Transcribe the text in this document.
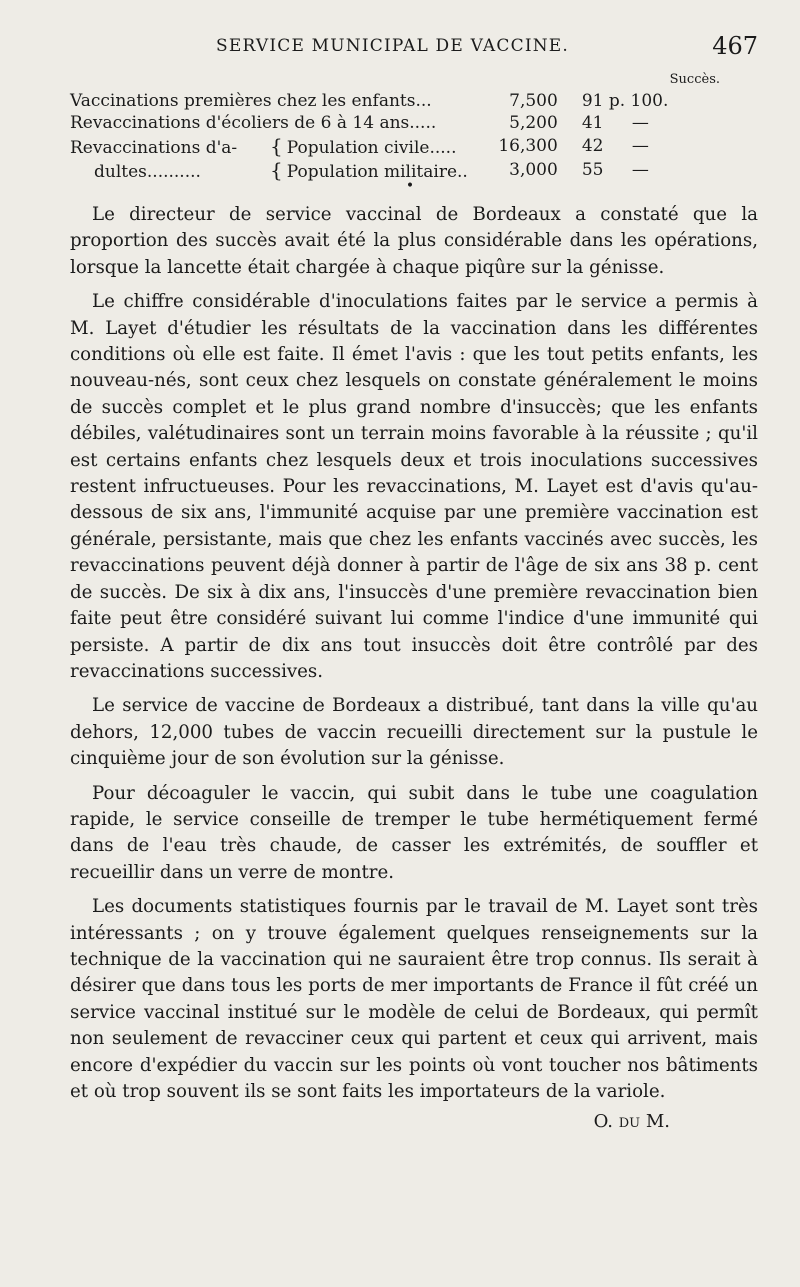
SERVICE MUNICIPAL DE VACCINE.	467
		Succès.	
Vaccinations premières chez les enfants...	7,500	91 p. 100.	
Revaccinations d'écoliers de 6 à 14 ans.....	5,200	41	—
Revaccinations d'a- { Population civile.....	16,300	42	—
dultes.......... { Population militaire..	3,000	55	—
•

Le directeur de service vaccinal de Bordeaux a constaté que la proportion des succès avait été la plus considérable dans les opérations, lorsque la lancette était chargée à chaque piqûre sur la génisse.

Le chiffre considérable d'inoculations faites par le service a permis à M. Layet d'étudier les résultats de la vaccination dans les différentes conditions où elle est faite. Il émet l'avis : que les tout petits enfants, les nouveau-nés, sont ceux chez lesquels on constate généralement le moins de succès complet et le plus grand nombre d'insuccès; que les enfants débiles, valétudinaires sont un terrain moins favorable à la réussite ; qu'il est certains enfants chez lesquels deux et trois inoculations successives restent infructueuses. Pour les revaccinations, M. Layet est d'avis qu'au-dessous de six ans, l'immunité acquise par une première vaccination est générale, persistante, mais que chez les enfants vaccinés avec succès, les revaccinations peuvent déjà donner à partir de l'âge de six ans 38 p. cent de succès. De six à dix ans, l'insuccès d'une première revaccination bien faite peut être considéré suivant lui comme l'indice d'une immunité qui persiste. A partir de dix ans tout insuccès doit être contrôlé par des revaccinations successives.

Le service de vaccine de Bordeaux a distribué, tant dans la ville qu'au dehors, 12,000 tubes de vaccin recueilli directement sur la pustule le cinquième jour de son évolution sur la génisse.

Pour décoaguler le vaccin, qui subit dans le tube une coagulation rapide, le service conseille de tremper le tube hermétiquement fermé dans de l'eau très chaude, de casser les extrémités, de souffler et recueillir dans un verre de montre.

Les documents statistiques fournis par le travail de M. Layet sont très intéressants ; on y trouve également quelques renseignements sur la technique de la vaccination qui ne sauraient être trop connus. Ils serait à désirer que dans tous les ports de mer importants de France il fût créé un service vaccinal institué sur le modèle de celui de Bordeaux, qui permît non seulement de revacciner ceux qui partent et ceux qui arrivent, mais encore d'expédier du vaccin sur les points où vont toucher nos bâtiments et où trop souvent ils se sont faits les importateurs de la variole.

O. du M.
